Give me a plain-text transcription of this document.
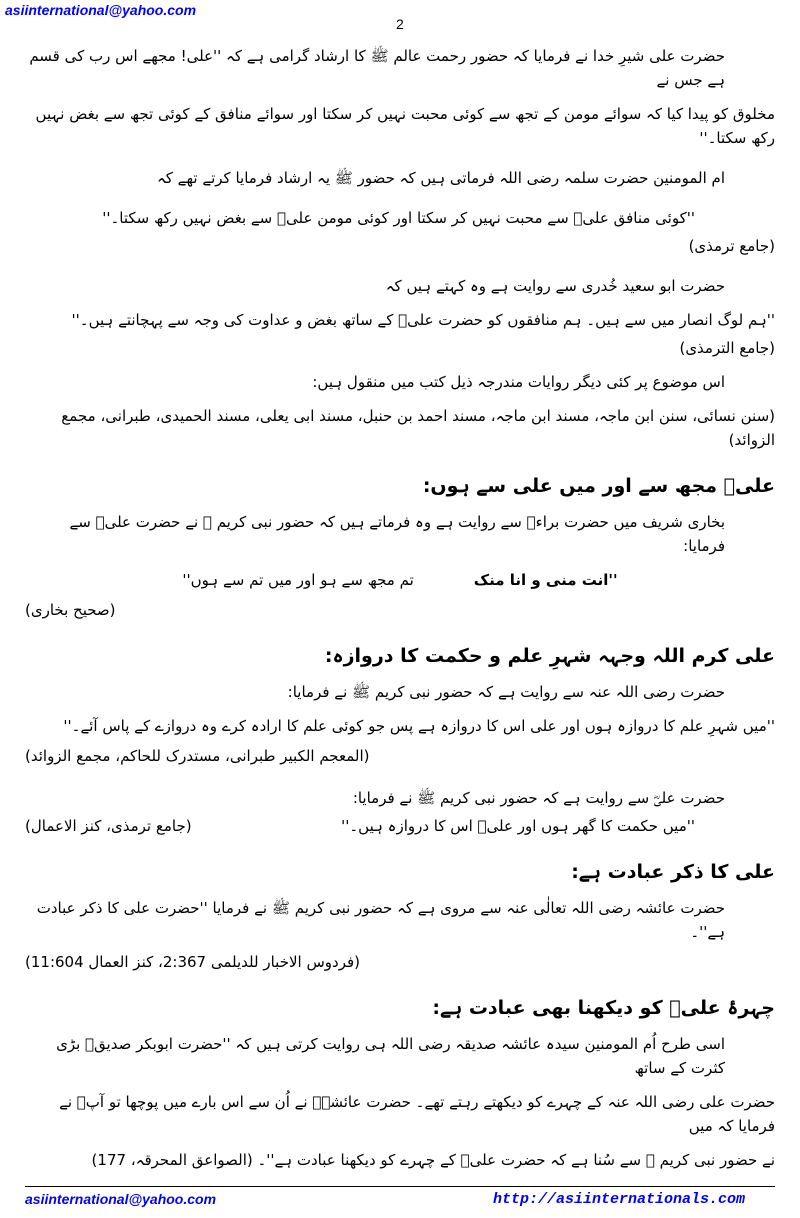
asiinternational@yahoo.com
2
حضرت علی شیرِ خدا نے فرمایا کہ حضور رحمت عالم ﷺ کا ارشاد گرامی ہے کہ ''علی! مجھے اس رب کی قسم ہے جس نے
مخلوق کو پیدا کیا کہ سوائے مومن کے تجھ سے کوئی محبت نہیں کر سکتا اور سوائے منافق کے کوئی تجھ سے بغض نہیں رکھ سکتا۔''
ام المومنین حضرت سلمہ رضی اللہ فرماتی ہیں کہ حضور ﷺ یہ ارشاد فرمایا کرتے تھے کہ
''کوئی منافق علیؓ سے محبت نہیں کر سکتا اور کوئی مومن علیؓ سے بغض نہیں رکھ سکتا۔''
(جامع ترمذی)
حضرت ابو سعید خُدری سے روایت ہے وہ کہتے ہیں کہ
''ہم لوگ انصار میں سے ہیں۔ ہم منافقوں کو حضرت علیؓ کے ساتھ بغض و عداوت کی وجہ سے پہچانتے ہیں۔''
(جامع الترمذی)
اس موضوع پر کئی دیگر روایات مندرجہ ذیل کتب میں منقول ہیں:
(سنن نسائی، سنن ابن ماجہ، مسند ابن ماجہ، مسند احمد بن حنبل، مسند ابی یعلی، مسند الحمیدی، طبرانی، مجمع الزوائد)
علیؓ مجھ سے اور میں علی سے ہوں:
بخاری شریف میں حضرت براءؓ سے روایت ہے وہ فرماتے ہیں کہ حضور نبی کریم ﷺ نے حضرت علیؓ سے فرمایا:
''انت منی و انا منک
تم مجھ سے ہو اور میں تم سے ہوں''
(صحیح بخاری)
علی کرم اللہ وجہہ شہرِ علم و حکمت کا دروازہ:
حضرت رضی اللہ عنہ سے روایت ہے کہ حضور نبی کریم ﷺ نے فرمایا:
''میں شہرِ علم کا دروازہ ہوں اور علی اس کا دروازہ ہے پس جو کوئی علم کا ارادہ کرے وہ دروازے کے پاس آئے۔''
(المعجم الکبیر طبرانی، مستدرک للحاکم، مجمع الزوائد)
حضرت علیؓ سے روایت ہے کہ حضور نبی کریم ﷺ نے فرمایا:
''میں حکمت کا گھر ہوں اور علیؓ اس کا دروازہ ہیں۔''
(جامع ترمذی، کنز الاعمال)
علی کا ذکر عبادت ہے:
حضرت عائشہ رضی اللہ تعالٰی عنہ سے مروی ہے کہ حضور نبی کریم ﷺ نے فرمایا ''حضرت علی کا ذکر عبادت ہے''۔
(فردوس الاخبار للدیلمی 2:367، کنز العمال 11:604)
چہرۂ علیؓ کو دیکھنا بھی عبادت ہے:
اسی طرح اُم المومنین سیدہ عائشہ صدیقہ رضی اللہ ہی روایت کرتی ہیں کہ ''حضرت ابوبکر صدیقؓ بڑی کثرت کے ساتھ
حضرت علی رضی اللہ عنہ کے چہرے کو دیکھتے رہتے تھے۔ حضرت عائشہؓ نے اُن سے اس بارے میں پوچھا تو آپؓ نے فرمایا کہ میں
نے حضور نبی کریم ﷺ سے سُنا ہے کہ حضرت علیؓ کے چہرے کو دیکھنا عبادت ہے''۔ (الصواعق المحرقہ، 177)
asiinternational@yahoo.com	http://asiinternationals.com
